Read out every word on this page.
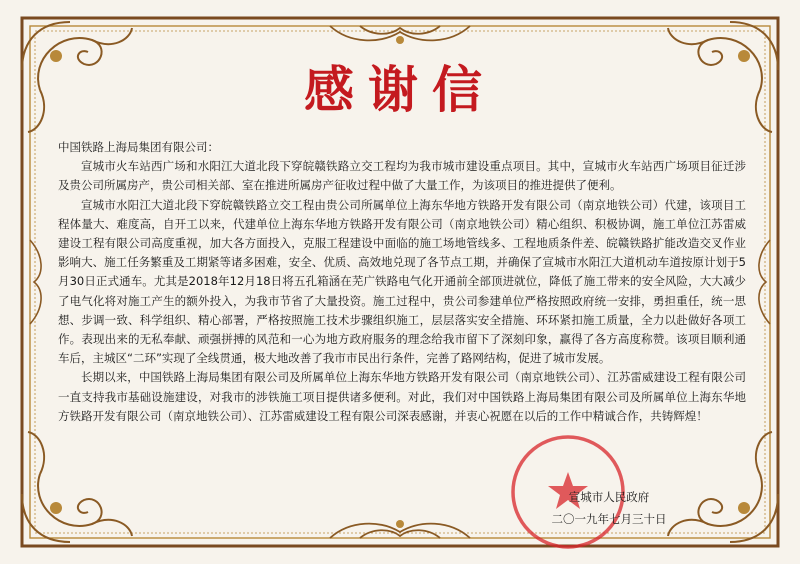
感谢信
中国铁路上海局集团有限公司：

宣城市火车站西广场和水阳江大道北段下穿皖赣铁路立交工程均为我市城市建设重点项目。其中，宣城市火车站西广场项目征迁涉及贵公司所属房产，贵公司相关部、室在推进所属房产征收过程中做了大量工作，为该项目的推进提供了便利。

宣城市水阳江大道北段下穿皖赣铁路立交工程由贵公司所属单位上海东华地方铁路开发有限公司（南京地铁公司）代建，该项目工程体量大、难度高，自开工以来，代建单位上海东华地方铁路开发有限公司（南京地铁公司）精心组织、积极协调，施工单位江苏雷威建设工程有限公司高度重视，加大各方面投入，克服工程建设中面临的施工场地管线多、工程地质条件差、皖赣铁路扩能改造交叉作业影响大、施工任务繁重及工期紧等诸多困难，安全、优质、高效地兑现了各节点工期，并确保了宣城市水阳江大道机动车道按原计划于5月30日正式通车。尤其是2018年12月18日将五孔箱涵在芜广铁路电气化开通前全部顶进就位，降低了施工带来的安全风险，大大减少了电气化将对施工产生的额外投入，为我市节省了大量投资。施工过程中，贵公司参建单位严格按照政府统一安排，勇担重任，统一思想、步调一致、科学组织、精心部署，严格按照施工技术步骤组织施工，层层落实安全措施、环环紧扣施工质量，全力以赴做好各项工作。表现出来的无私奉献、顽强拼搏的风范和一心为地方政府服务的理念给我市留下了深刻印象，赢得了各方高度称赞。该项目顺利通车后，主城区“二环”实现了全线贯通，极大地改善了我市市民出行条件，完善了路网结构，促进了城市发展。

长期以来，中国铁路上海局集团有限公司及所属单位上海东华地方铁路开发有限公司（南京地铁公司）、江苏雷威建设工程有限公司一直支持我市基础设施建设，对我市的涉铁施工项目提供诸多便利。对此，我们对中国铁路上海局集团有限公司及所属单位上海东华地方铁路开发有限公司（南京地铁公司）、江苏雷威建设工程有限公司深表感谢，并衷心祝愿在以后的工作中精诚合作，共铸辉煌！

宣城市人民政府
二〇一九年七月三十日
